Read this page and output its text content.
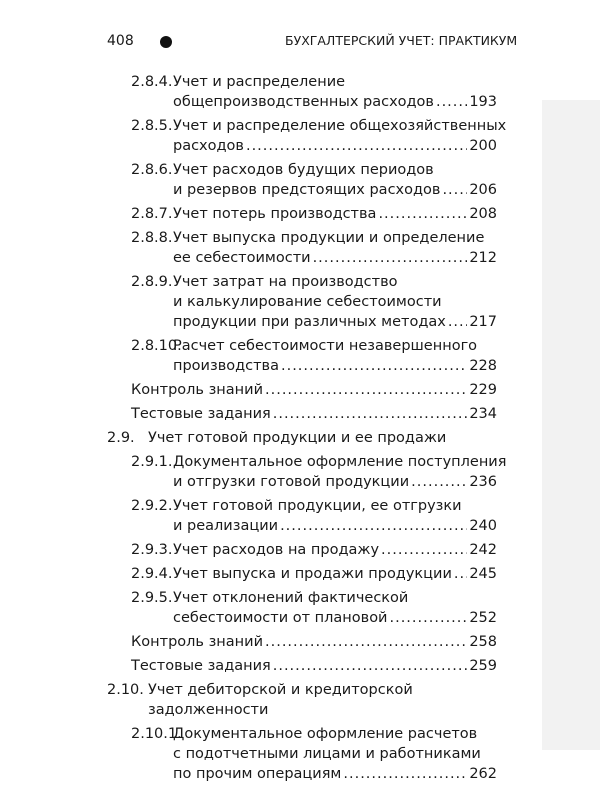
408	БУХГАЛТЕРСКИЙ УЧЕТ: ПРАКТИКУМ
2.8.4. Учет и распределение
общепроизводственных расходов ..... 193
2.8.5. Учет и распределение общехозяйственных
расходов .....	200
2.8.6. Учет расходов будущих периодов
и резервов предстоящих расходов ..... 206
2.8.7. Учет потерь производства .....	208
2.8.8. Учет выпуска продукции и определение
ее себестоимости .....	212
2.8.9. Учет затрат на производство
и калькулирование себестоимости
продукции при различных методах ..... 217
2.8.10.
Расчет себестоимости незавершенного
производства .....	228
Контроль знаний .....	229
Тестовые задания .....	234
2.9. Учет готовой продукции и ее продажи
2.9.1. Документальное оформление поступления
и отгрузки готовой продукции .....	236
2.9.2. Учет готовой продукции, ее отгрузки
и реализации .....	240
2.9.3. Учет расходов на продажу .....	242
2.9.4. Учет выпуска и продажи продукции ..... 245
2.9.5. Учет отклонений фактической
себестоимости от плановой .....	252
Контроль знаний .....	258
Тестовые задания .....	259
2.10. Учет дебиторской и кредиторской
задолженности
2.10.1.
Документальное оформление расчетов
с подотчетными лицами и работниками
по прочим операциям .....	262
